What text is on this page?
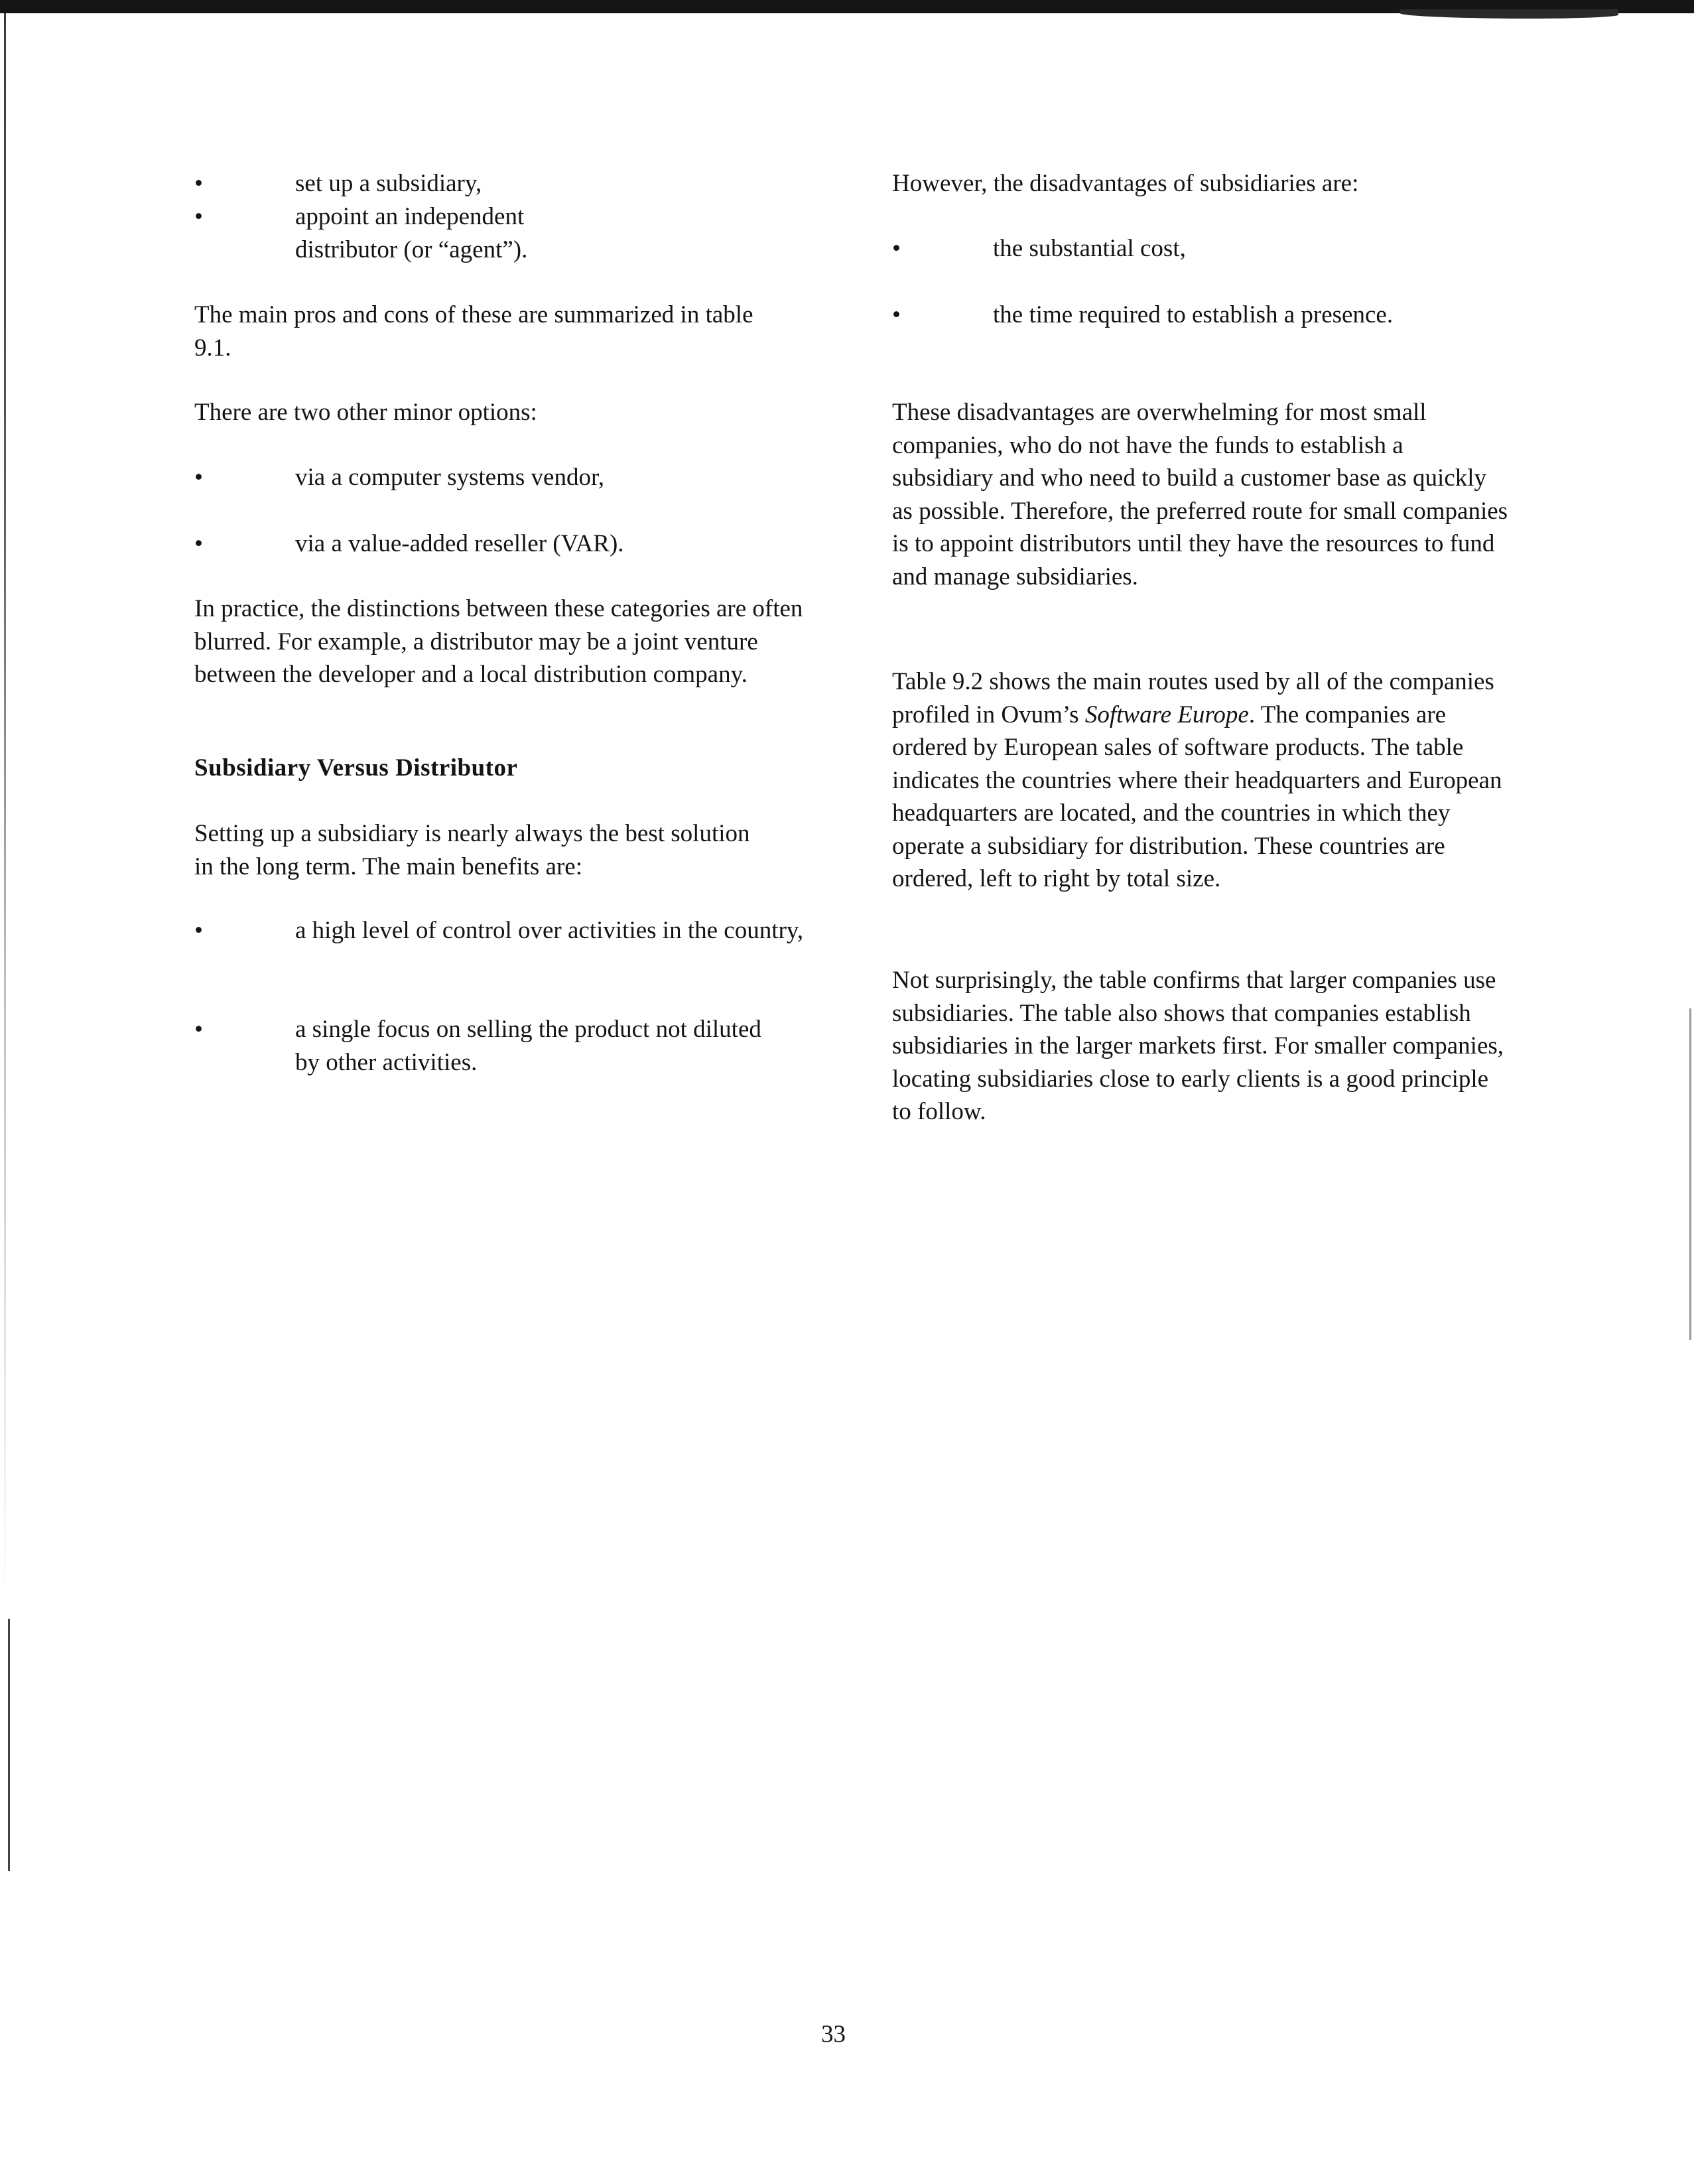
•	set up a subsidiary,
•	appoint an independent distributor (or “agent”).

The main pros and cons of these are summarized in table 9.1.

There are two other minor options:

•	via a computer systems vendor,
•	via a value-added reseller (VAR).

In practice, the distinctions between these categories are often blurred. For example, a distributor may be a joint venture between the developer and a local distribution company.

Subsidiary Versus Distributor

Setting up a subsidiary is nearly always the best solution in the long term. The main benefits are:

•	a high level of control over activities in the country,
•	a single focus on selling the product not diluted by other activities.

However, the disadvantages of subsidiaries are:

•	the substantial cost,
•	the time required to establish a presence.

These disadvantages are overwhelming for most small companies, who do not have the funds to establish a subsidiary and who need to build a customer base as quickly as possible. Therefore, the preferred route for small companies is to appoint distributors until they have the resources to fund and manage subsidiaries.

Table 9.2 shows the main routes used by all of the companies profiled in Ovum’s Software Europe. The companies are ordered by European sales of software products. The table indicates the countries where their headquarters and European headquarters are located, and the countries in which they operate a subsidiary for distribution. These countries are ordered, left to right by total size.

Not surprisingly, the table confirms that larger companies use subsidiaries. The table also shows that companies establish subsidiaries in the larger markets first. For smaller companies, locating subsidiaries close to early clients is a good principle to follow.

33
